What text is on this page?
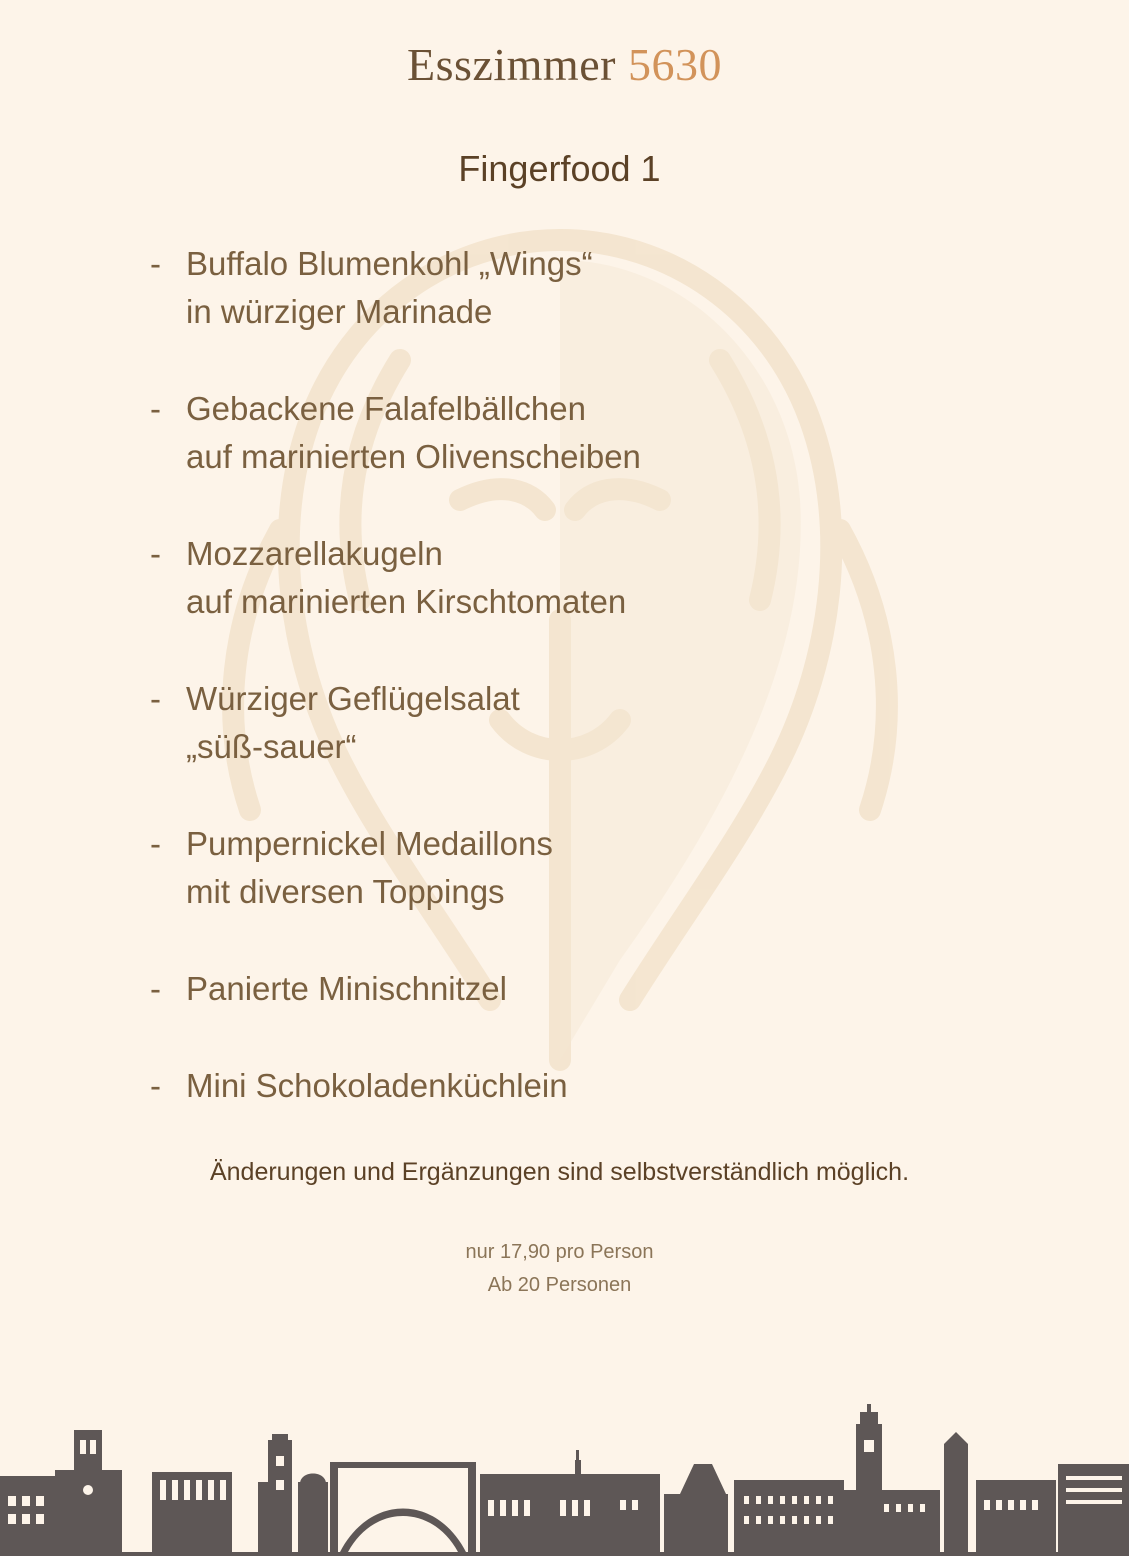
Esszimmer 5630
Fingerfood 1
- Buffalo Blumenkohl „Wings“
in würziger Marinade
- Gebackene Falafelbällchen
auf marinierten Olivenscheiben
- Mozzarellakugeln
auf marinierten Kirschtomaten
- Würziger Geflügelsalat
„süß-sauer“
- Pumpernickel Medaillons
mit diversen Toppings
- Panierte Minischnitzel
- Mini Schokoladenküchlein
Änderungen und Ergänzungen sind selbstverständlich möglich.
nur 17,90 pro Person
Ab 20 Personen
